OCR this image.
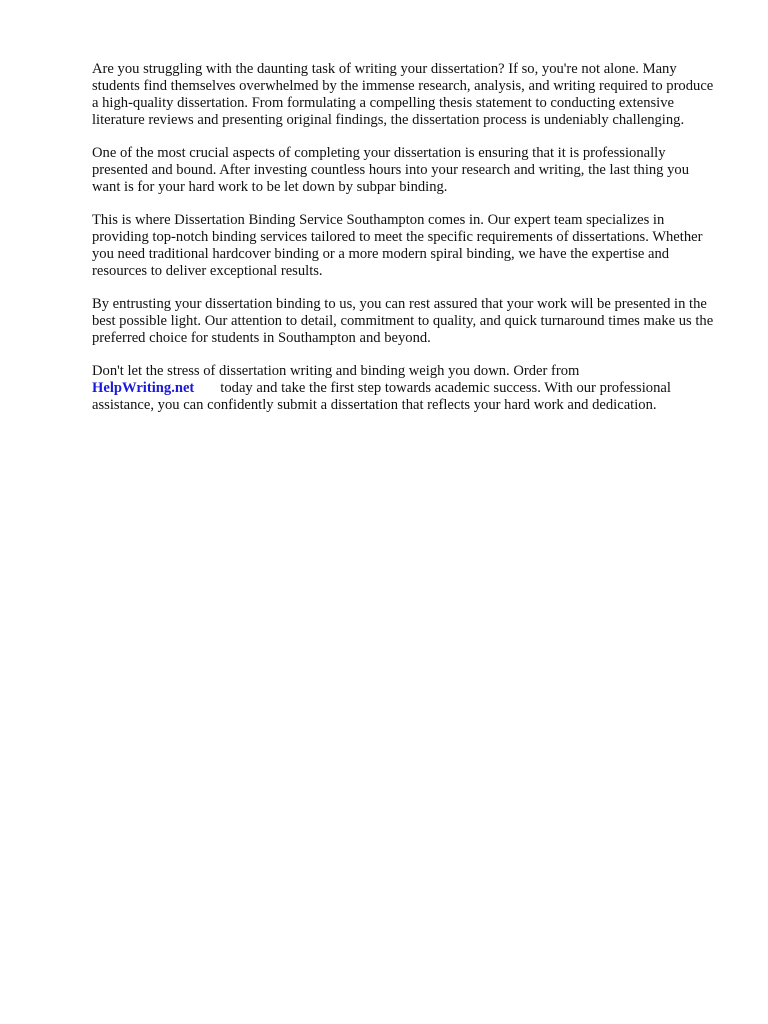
Are you struggling with the daunting task of writing your dissertation? If so, you're not alone. Many students find themselves overwhelmed by the immense research, analysis, and writing required to produce a high-quality dissertation. From formulating a compelling thesis statement to conducting extensive literature reviews and presenting original findings, the dissertation process is undeniably challenging.

One of the most crucial aspects of completing your dissertation is ensuring that it is professionally presented and bound. After investing countless hours into your research and writing, the last thing you want is for your hard work to be let down by subpar binding.

This is where Dissertation Binding Service Southampton comes in. Our expert team specializes in providing top-notch binding services tailored to meet the specific requirements of dissertations. Whether you need traditional hardcover binding or a more modern spiral binding, we have the expertise and resources to deliver exceptional results.

By entrusting your dissertation binding to us, you can rest assured that your work will be presented in the best possible light. Our attention to detail, commitment to quality, and quick turnaround times make us the preferred choice for students in Southampton and beyond.

Don't let the stress of dissertation writing and binding weigh you down. Order from
HelpWriting.net today and take the first step towards academic success. With our professional assistance, you can confidently submit a dissertation that reflects your hard work and dedication.
